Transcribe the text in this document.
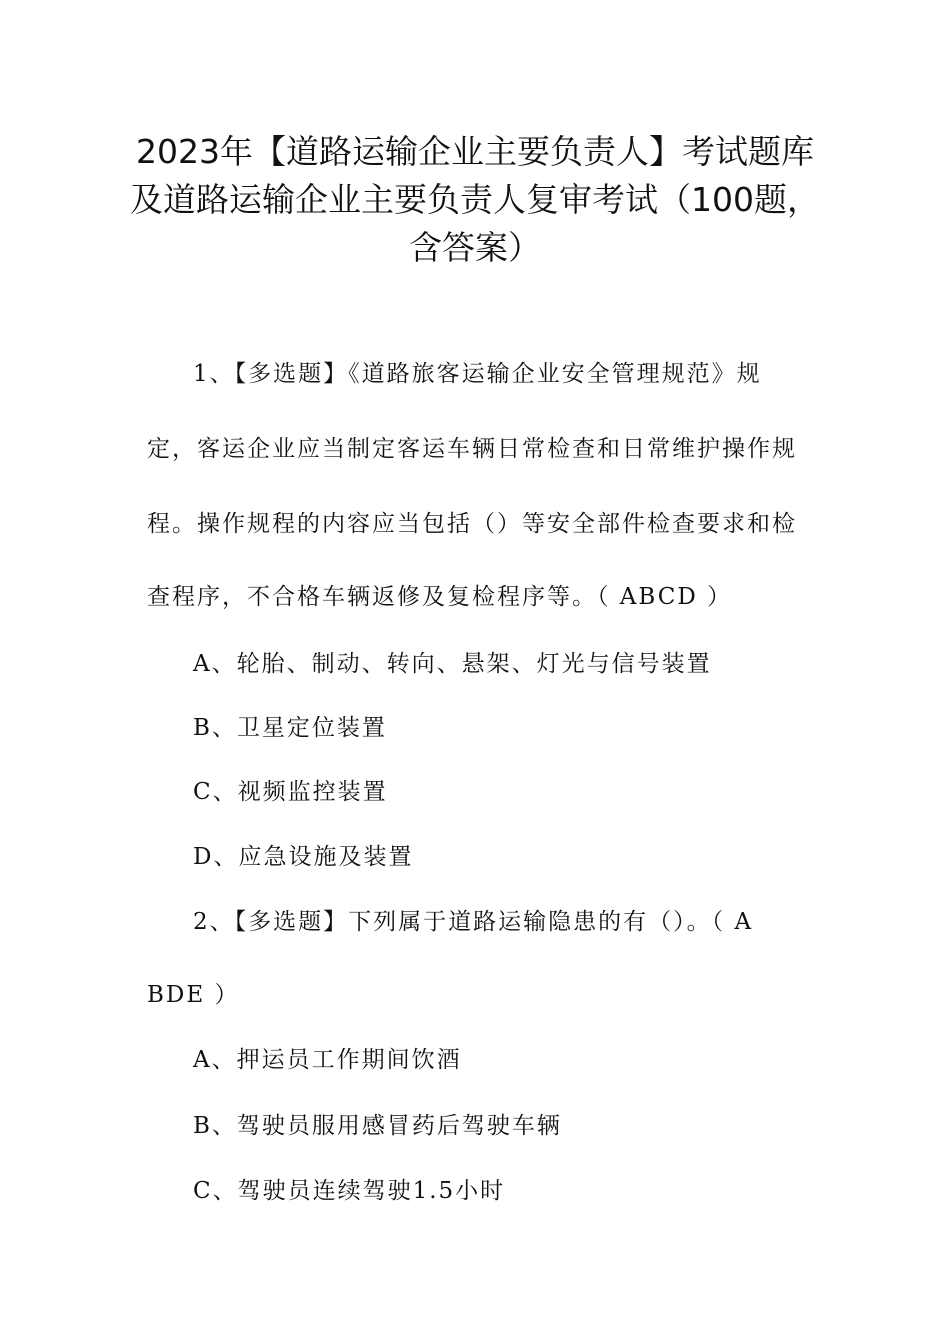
2023年【道路运输企业主要负责人】考试题库
及道路运输企业主要负责人复审考试（100题，
含答案）
1、【多选题】《道路旅客运输企业安全管理规范》规
定，客运企业应当制定客运车辆日常检查和日常维护操作规
程。操作规程的内容应当包括（）等安全部件检查要求和检
查程序，不合格车辆返修及复检程序等。（ ABCD ）
A、轮胎、制动、转向、悬架、灯光与信号装置
B、卫星定位装置
C、视频监控装置
D、应急设施及装置
2、【多选题】下列属于道路运输隐患的有（）。（ A
BDE ）
A、押运员工作期间饮酒
B、驾驶员服用感冒药后驾驶车辆
C、驾驶员连续驾驶1.5小时
